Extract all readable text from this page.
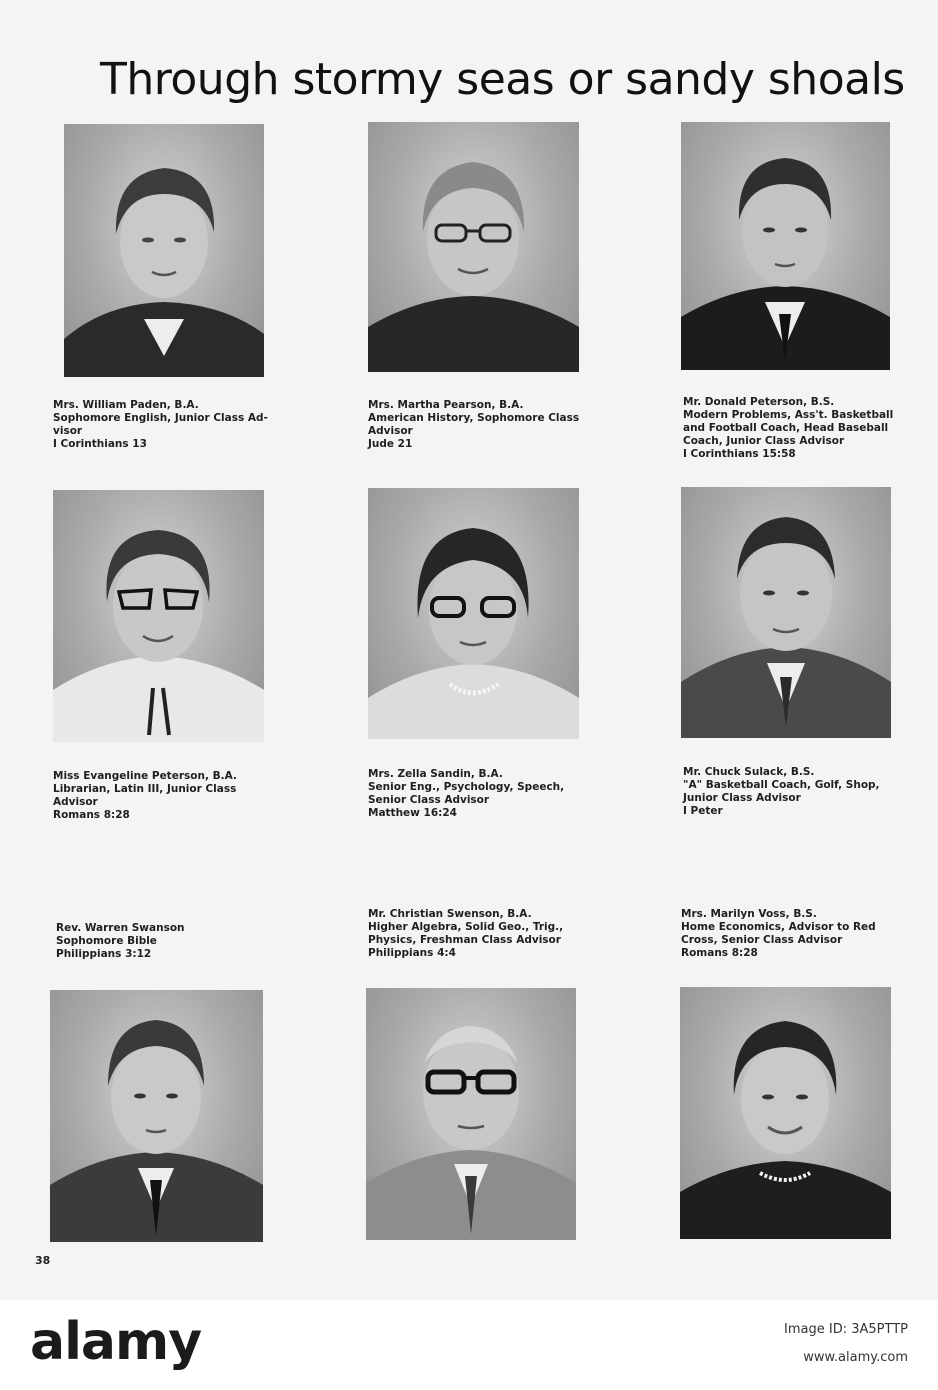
Through stormy seas or sandy shoals
Mrs. William Paden, B.A.
Sophomore English, Junior Class Ad-
visor
I Corinthians 13
Mrs. Martha Pearson, B.A.
American History, Sophomore Class
Advisor
Jude 21
Mr. Donald Peterson, B.S.
Modern Problems, Ass't. Basketball
and Football Coach, Head Baseball
Coach, Junior Class Advisor
I Corinthians 15:58
Miss Evangeline Peterson, B.A.
Librarian, Latin III, Junior Class
Advisor
Romans 8:28
Mrs. Zella Sandin, B.A.
Senior Eng., Psychology, Speech,
Senior Class Advisor
Matthew 16:24
Mr. Chuck Sulack, B.S.
"A" Basketball Coach, Golf, Shop,
Junior Class Advisor
I Peter
Rev. Warren Swanson
Sophomore Bible
Philippians 3:12
Mr. Christian Swenson, B.A.
Higher Algebra, Solid Geo., Trig.,
Physics, Freshman Class Advisor
Philippians 4:4
Mrs. Marilyn Voss, B.S.
Home Economics, Advisor to Red
Cross, Senior Class Advisor
Romans 8:28
38
alamy	Image ID: 3A5PTTP
www.alamy.com
